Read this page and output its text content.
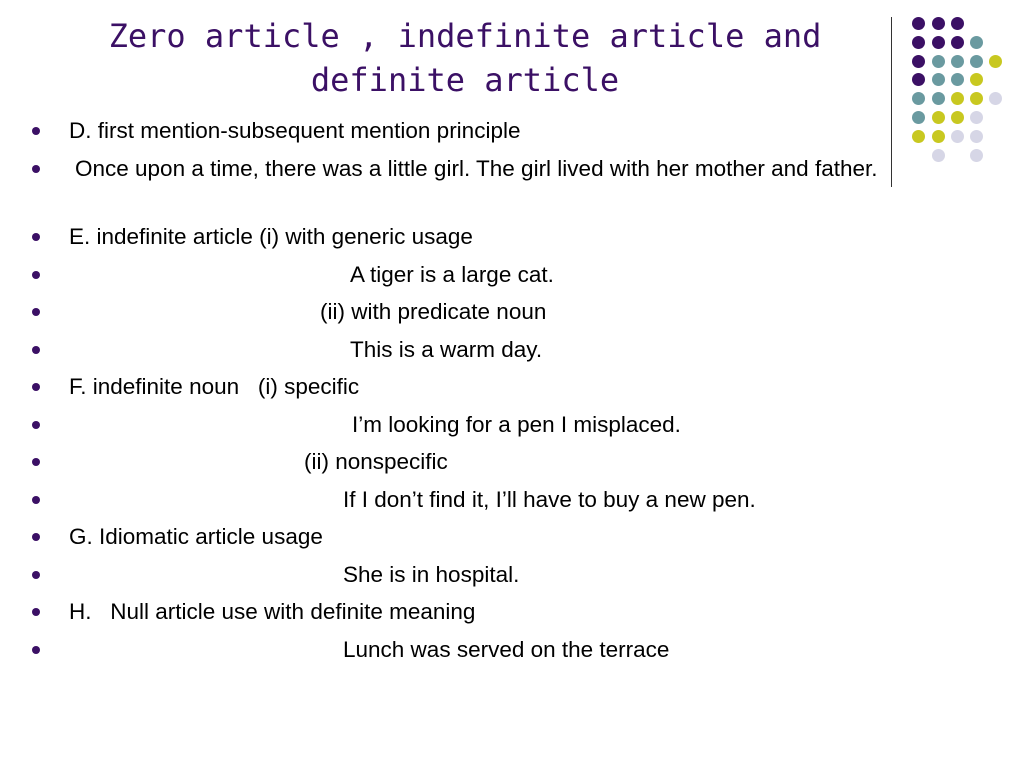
Zero article , indefinite article and
definite article
D. first mention-subsequent mention principle
Once upon a time, there was a little girl. The girl lived with her mother and father.
E. indefinite article (i) with generic usage
A tiger is a large cat.
(ii) with predicate noun
This is a warm day.
F. indefinite noun   (i) specific
I’m looking for a pen I misplaced.
(ii) nonspecific
If I don’t find it, I’ll have to buy a new pen.
G. Idiomatic article usage
She is in hospital.
H.   Null article use with definite meaning
Lunch was served on the terrace
